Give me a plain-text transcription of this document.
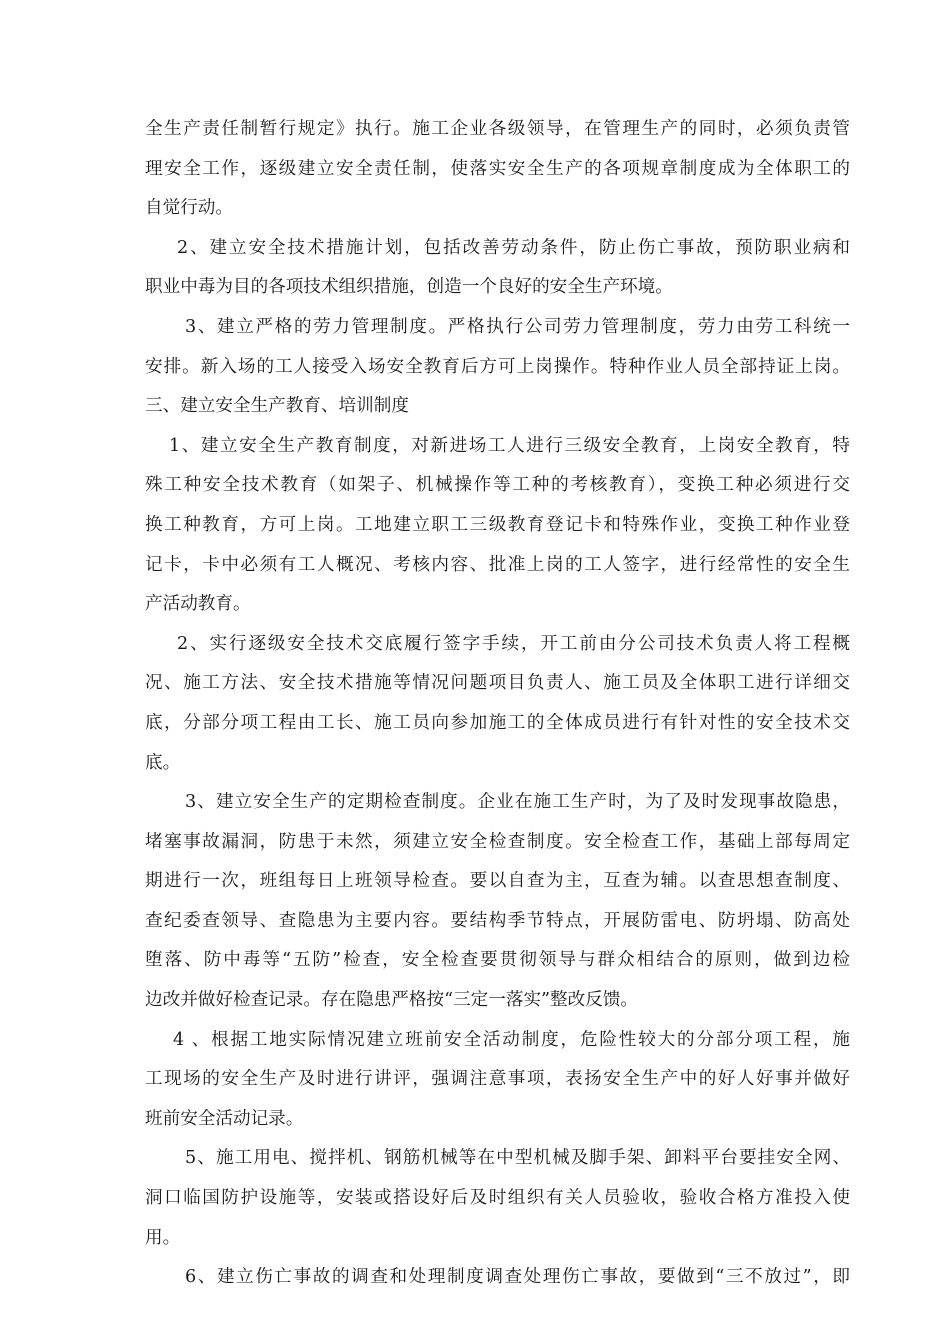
全生产责任制暂行规定》执行。施工企业各级领导，在管理生产的同时，必须负责管
理安全工作，逐级建立安全责任制，使落实安全生产的各项规章制度成为全体职工的
自觉行动。
2、建立安全技术措施计划，包括改善劳动条件，防止伤亡事故，预防职业病和
职业中毒为目的各项技术组织措施，创造一个良好的安全生产环境。
3、建立严格的劳力管理制度。严格执行公司劳力管理制度，劳力由劳工科统一
安排。新入场的工人接受入场安全教育后方可上岗操作。特种作业人员全部持证上岗。
三、建立安全生产教育、培训制度
1、建立安全生产教育制度，对新进场工人进行三级安全教育，上岗安全教育，特
殊工种安全技术教育（如架子、机械操作等工种的考核教育），变换工种必须进行交
换工种教育，方可上岗。工地建立职工三级教育登记卡和特殊作业，变换工种作业登
记卡，卡中必须有工人概况、考核内容、批准上岗的工人签字，进行经常性的安全生
产活动教育。
2、实行逐级安全技术交底履行签字手续，开工前由分公司技术负责人将工程概
况、施工方法、安全技术措施等情况问题项目负责人、施工员及全体职工进行详细交
底，分部分项工程由工长、施工员向参加施工的全体成员进行有针对性的安全技术交
底。
3、建立安全生产的定期检查制度。企业在施工生产时，为了及时发现事故隐患，
堵塞事故漏洞，防患于未然，须建立安全检查制度。安全检查工作，基础上部每周定
期进行一次，班组每日上班领导检查。要以自查为主，互查为辅。以查思想查制度、
查纪委查领导、查隐患为主要内容。要结构季节特点，开展防雷电、防坍塌、防高处
堕落、防中毒等“五防”检查，安全检查要贯彻领导与群众相结合的原则，做到边检
边改并做好检查记录。存在隐患严格按“三定一落实”整改反馈。
4 、根据工地实际情况建立班前安全活动制度，危险性较大的分部分项工程，施
工现场的安全生产及时进行讲评，强调注意事项，表扬安全生产中的好人好事并做好
班前安全活动记录。
5、施工用电、搅拌机、钢筋机械等在中型机械及脚手架、卸料平台要挂安全网、
洞口临国防护设施等，安装或搭设好后及时组织有关人员验收，验收合格方准投入使
用。
6、建立伤亡事故的调查和处理制度调查处理伤亡事故，要做到“三不放过”，即
